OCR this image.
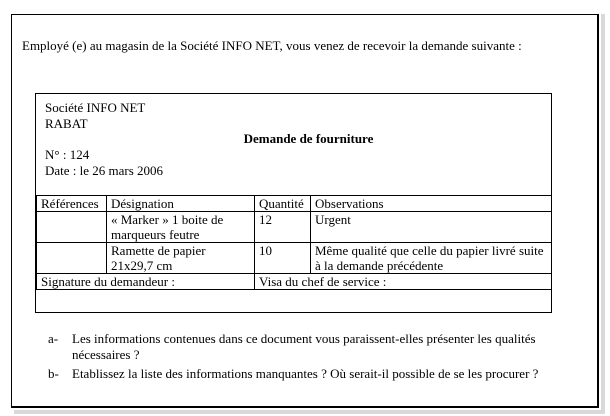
Employé (e) au magasin de la Société INFO NET, vous venez de recevoir la demande suivante :

Société INFO NET

RABAT

Demande de fourniture

N° : 124

Date : le 26 mars 2006

Références	Désignation	Quantité	Observations
	« Marker » 1 boite de marqueurs feutre	12	Urgent
	Ramette de papier 21x29,7 cm	10	Même qualité que celle du papier livré suite à la demande précédente
Signature du demandeur :		Visa du chef de service :	
a- Les informations contenues dans ce document vous paraissent-elles présenter les qualités nécessaires ?
b- Etablissez la liste des informations manquantes ? Où serait-il possible de se les procurer ?
